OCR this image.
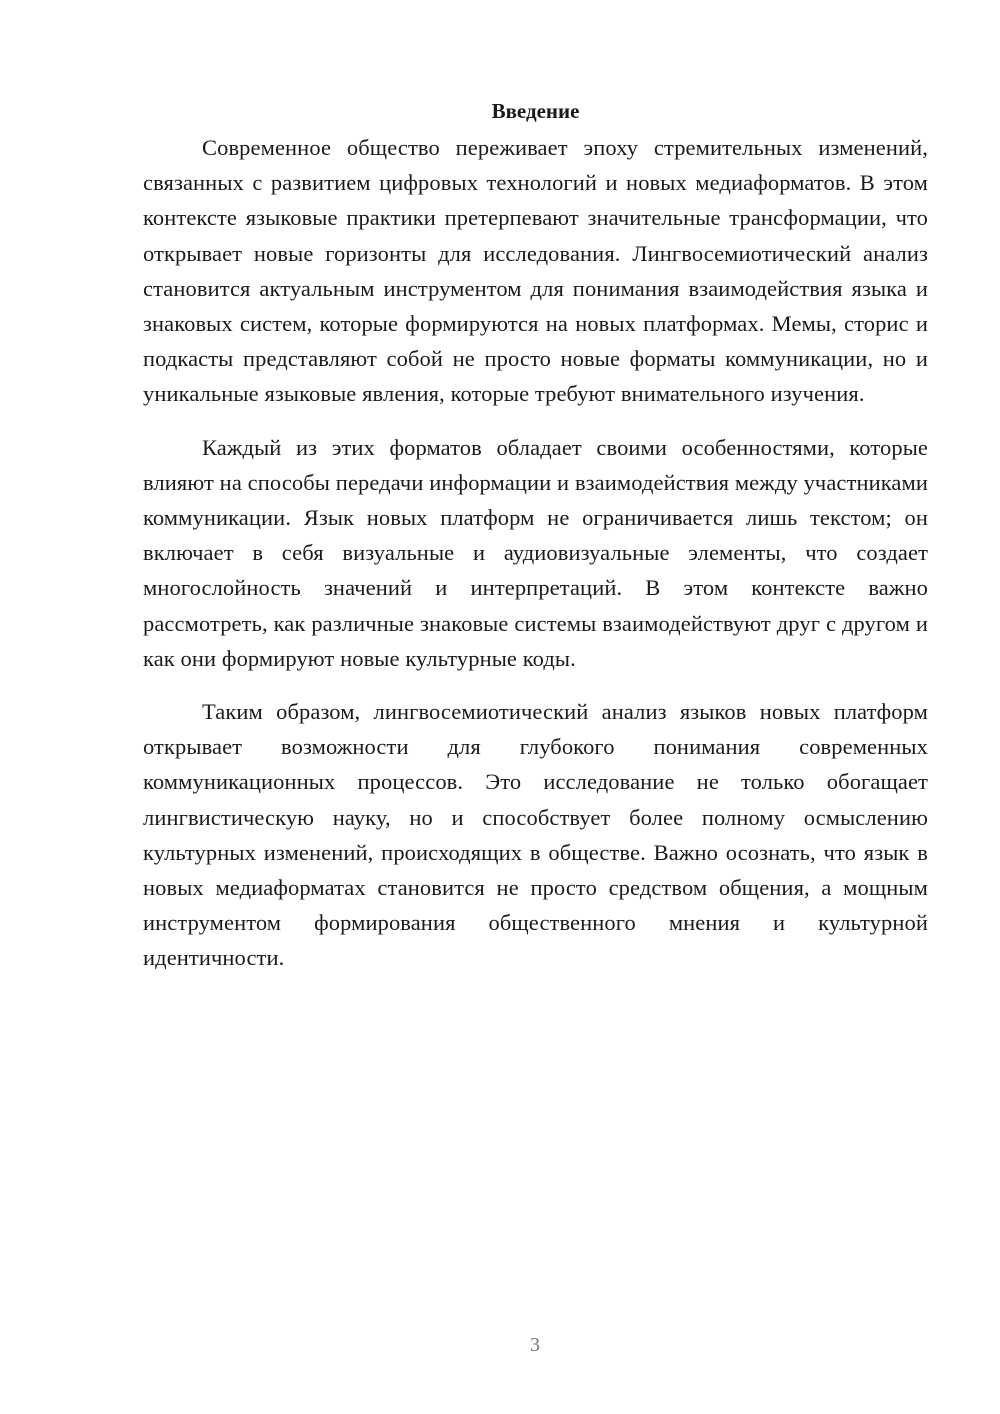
Введение

Современное общество переживает эпоху стремительных изменений, связанных с развитием цифровых технологий и новых медиаформатов. В этом контексте языковые практики претерпевают значительные трансформации, что открывает новые горизонты для исследования. Лингвосемиотический анализ становится актуальным инструментом для понимания взаимодействия языка и знаковых систем, которые формируются на новых платформах. Мемы, сторис и подкасты представляют собой не просто новые форматы коммуникации, но и уникальные языковые явления, которые требуют внимательного изучения.

Каждый из этих форматов обладает своими особенностями, которые влияют на способы передачи информации и взаимодействия между участниками коммуникации. Язык новых платформ не ограничивается лишь текстом; он включает в себя визуальные и аудиовизуальные элементы, что создает многослойность значений и интерпретаций. В этом контексте важно рассмотреть, как различные знаковые системы взаимодействуют друг с другом и как они формируют новые культурные коды.

Таким образом, лингвосемиотический анализ языков новых платформ открывает возможности для глубокого понимания современных коммуникационных процессов. Это исследование не только обогащает лингвистическую науку, но и способствует более полному осмыслению культурных изменений, происходящих в обществе. Важно осознать, что язык в новых медиаформатах становится не просто средством общения, а мощным инструментом формирования общественного мнения и культурной идентичности.

3
